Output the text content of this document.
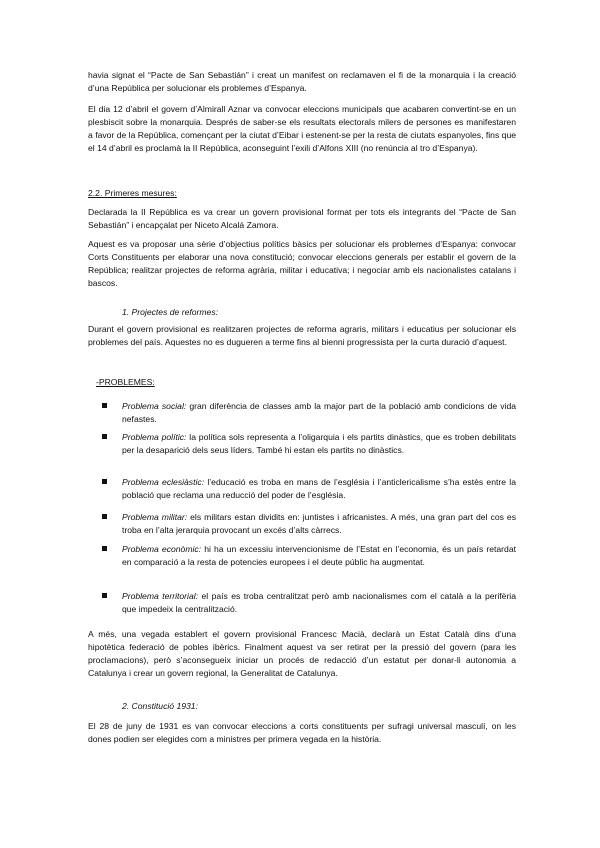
havia signat el “Pacte de San Sebastián” i creat un manifest on reclamaven el fi de la monarquia i la creació d’una República per solucionar els problemes d’Espanya.

El dia 12 d’abril el govern d’Almirall Aznar va convocar eleccions municipals que acabaren convertint-se en un plesbiscit sobre la monarquia. Després de saber-se els resultats electorals milers de persones es manifestaren a favor de la República, començant per la ciutat d’Eibar i estenent-se per la resta de ciutats espanyoles, fins que el 14 d’abril es proclamà la II República, aconseguint l’exili d’Alfons XIII (no renúncia al tro d’Espanya).

2.2. Primeres mesures:

Declarada la II República es va crear un govern provisional format per tots els integrants del “Pacte de San Sebastián” i encapçalat per Niceto Alcalá Zamora.

Aquest es va proposar una sèrie d’objectius polítics bàsics per solucionar els problemes d’Espanya: convocar Corts Constituents per elaborar una nova constitució; convocar eleccions generals per establir el govern de la República; realitzar projectes de reforma agrària, militar i educativa; i negociar amb els nacionalistes catalans i bascos.

1. Projectes de reformes:

Durant el govern provisional es realitzaren projectes de reforma agraris, militars i educatius per solucionar els problemes del país. Aquestes no es dugueren a terme fins al bienni progressista per la curta duració d’aquest.

-PROBLEMES:

Problema social: gran diferència de classes amb la major part de la població amb condicions de vida nefastes.

Problema polític: la política sols representa a l’oligarquia i els partits dinàstics, que es troben debilitats per la desaparició dels seus líders. També hi estan els partits no dinàstics.

Problema eclesiàstic: l’educació es troba en mans de l’església i l’anticlericalisme s’ha estès entre la població que reclama una reducció del poder de l’església.

Problema militar: els militars estan dividits en: juntistes i africanistes. A més, una gran part del cos es troba en l’alta jerarquia provocant un excés d’alts càrrecs.

Problema econòmic: hi ha un excessiu intervencionisme de l’Estat en l’economia, és un país retardat en comparació a la resta de potencies europees i el deute públic ha augmentat.

Problema territorial: el país es troba centralitzat però amb nacionalismes com el català a la perifèria que impedeix la centralització.

A més, una vegada establert el govern provisional Francesc Macià, declarà un Estat Català dins d’una hipotètica federació de pobles ibèrics. Finalment aquest va ser retirat per la pressió del govern (para les proclamacions), però s’aconsegueix iniciar un procés de redacció d’un estatut per donar-li autonomia a Catalunya i crear un govern regional, la Generalitat de Catalunya.

2. Constitució 1931:

El 28 de juny de 1931 es van convocar eleccions a corts constituents per sufragi universal masculí, on les dones podien ser elegides com a ministres per primera vegada en la història.
